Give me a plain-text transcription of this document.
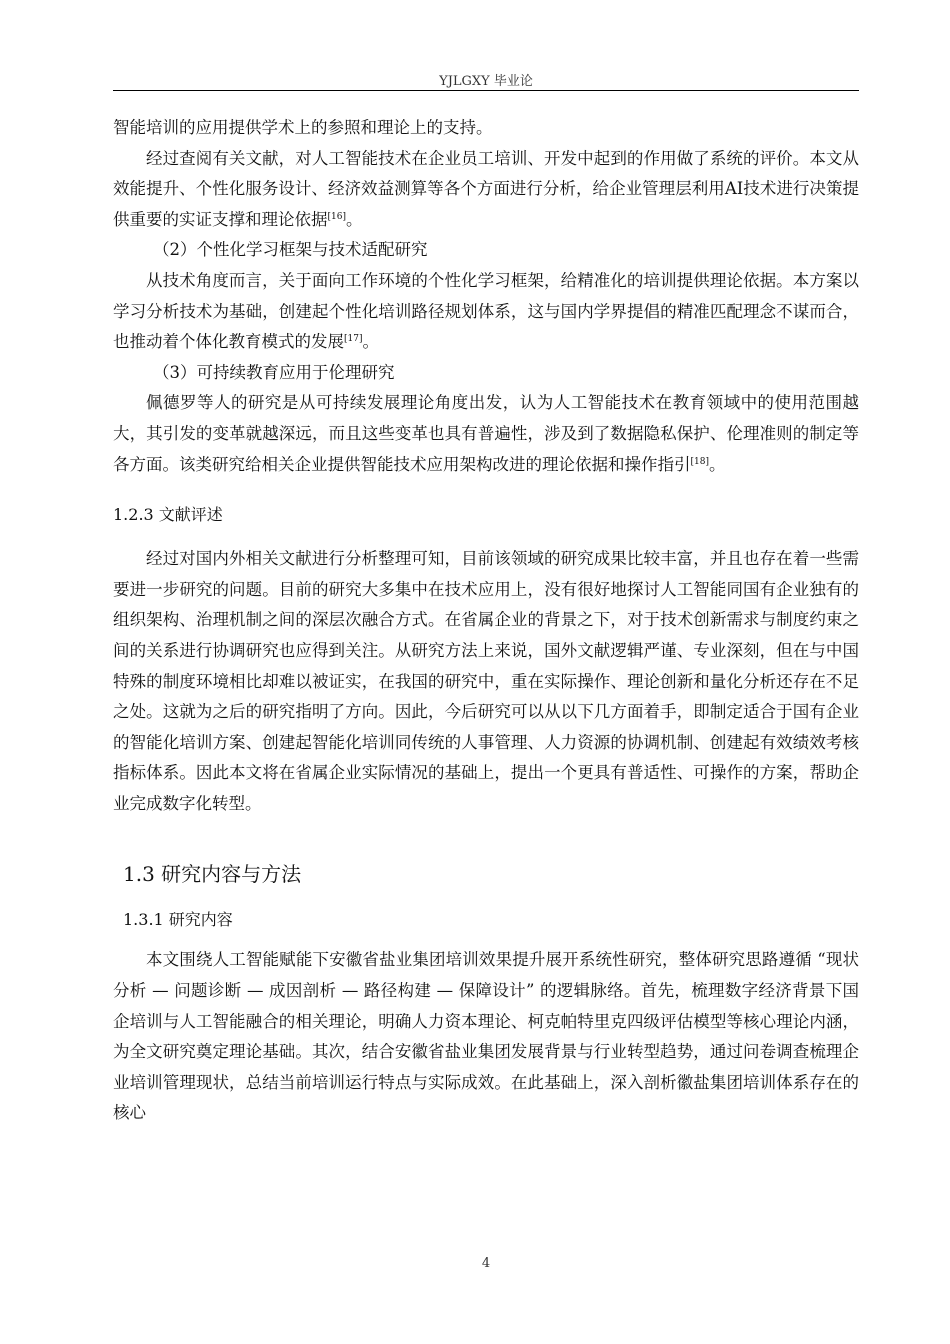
YJLGXY 毕业论

智能培训的应用提供学术上的参照和理论上的支持。

经过查阅有关文献，对人工智能技术在企业员工培训、开发中起到的作用做了系统的评价。本文从效能提升、个性化服务设计、经济效益测算等各个方面进行分析，给企业管理层利用AI技术进行决策提供重要的实证支撑和理论依据[16]。

（2）个性化学习框架与技术适配研究

从技术角度而言，关于面向工作环境的个性化学习框架，给精准化的培训提供理论依据。本方案以学习分析技术为基础，创建起个性化培训路径规划体系，这与国内学界提倡的精准匹配理念不谋而合，也推动着个体化教育模式的发展[17]。

（3）可持续教育应用于伦理研究

佩德罗等人的研究是从可持续发展理论角度出发，认为人工智能技术在教育领域中的使用范围越大，其引发的变革就越深远，而且这些变革也具有普遍性，涉及到了数据隐私保护、伦理准则的制定等各方面。该类研究给相关企业提供智能技术应用架构改进的理论依据和操作指引[18]。

1.2.3 文献评述

经过对国内外相关文献进行分析整理可知，目前该领域的研究成果比较丰富，并且也存在着一些需要进一步研究的问题。目前的研究大多集中在技术应用上，没有很好地探讨人工智能同国有企业独有的组织架构、治理机制之间的深层次融合方式。在省属企业的背景之下，对于技术创新需求与制度约束之间的关系进行协调研究也应得到关注。从研究方法上来说，国外文献逻辑严谨、专业深刻，但在与中国特殊的制度环境相比却难以被证实，在我国的研究中，重在实际操作、理论创新和量化分析还存在不足之处。这就为之后的研究指明了方向。因此，今后研究可以从以下几方面着手，即制定适合于国有企业的智能化培训方案、创建起智能化培训同传统的人事管理、人力资源的协调机制、创建起有效绩效考核指标体系。因此本文将在省属企业实际情况的基础上，提出一个更具有普适性、可操作的方案，帮助企业完成数字化转型。

1.3 研究内容与方法
1.3.1 研究内容

本文围绕人工智能赋能下安徽省盐业集团培训效果提升展开系统性研究，整体研究思路遵循 “现状分析 — 问题诊断 — 成因剖析 — 路径构建 — 保障设计” 的逻辑脉络。首先，梳理数字经济背景下国企培训与人工智能融合的相关理论，明确人力资本理论、柯克帕特里克四级评估模型等核心理论内涵，为全文研究奠定理论基础。其次，结合安徽省盐业集团发展背景与行业转型趋势，通过问卷调查梳理企业培训管理现状，总结当前培训运行特点与实际成效。在此基础上，深入剖析徽盐集团培训体系存在的核心

4
